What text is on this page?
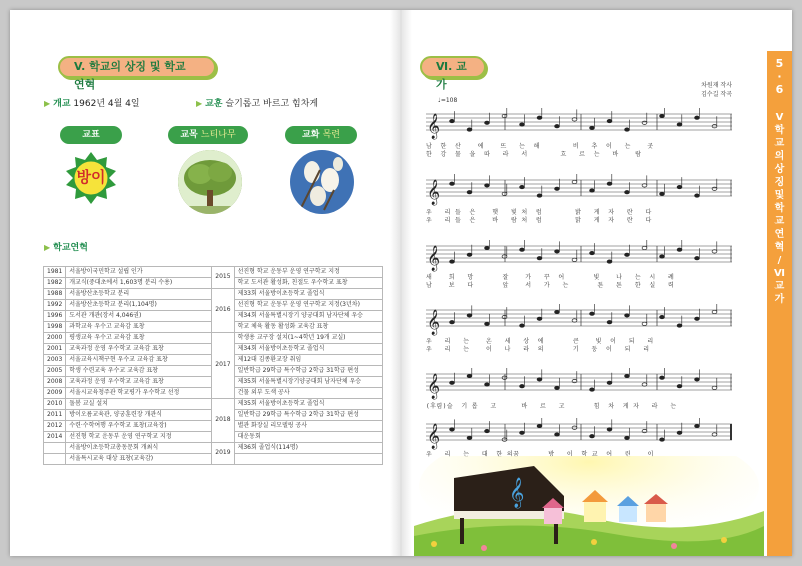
V. 학교의 상징 및 학교 연혁
▶ 개교 1962년 4월 4일	▶ 교훈 슬기롭고 바르고 힘차게
교표	교목 느티나무	교화 목련
방이
▶ 학교연혁
1981	서울방이국민학교 설립 인가	2015	선진형 학교 운동부 운영 연구학교 지정
1982	개교식(중대초에서 1,603명 분리 수용)		학교 도서관 활성화, 친절도 우수학교 표창
1988	서울방산초등학교 분리	2016	제33회 서울방이초등학교 졸업식
1992	서울방산초등학교 분리(1,104명)		선진형 학교 운동부 운영 연구학교 지정(3년차)
1996	도서관 개관(장서 4,046권)		제34회 서울특별시장기 양궁대회 남자단체 우승
1998	과학교육 우수고 교육감 표창		학교 체육 활동 활성화 교육감 표창
2000	평생교육 우수고 교육감 표창	2017	학생용 교구장 설치(1~4학년 19개 교실)
2001	교육과정 운영 우수학교 교육감 표창		제34회 서울방이초등학교 졸업식
2003	서울교육시책구현 우수교 교육감 표창		제12대 김종환교장 취임
2005	학생 수련교육 우수교 교육감 표창		일반학급 29학급 특수학급 2학급 31학급 편성
2008	교육과정 운영 우수학교 교육감 표창		제35회 서울특별시장기양궁대회 남자단체 우승
2009	서울시교육청주관 학교평가 우수학교 선정		건물 외부 도색 공사
2010	돌봄 교실 설치	2018	제35회 서울방이초등학교 졸업식
2011	방이오름교육관, 양궁훈련장 개관식		일반학급 29학급 특수학급 2학급 31학급 편성
2012	수련·수학여행 우수학교 표창(교육장)		별관 화장실 리모델링 공사
2014	선진형 학교 운동부 운영 연구학교 지정		대운동회
	서울방이초등학교총동문회 개최식	2019	제36회 졸업식(114명)
	서울특시교육 대상 표창(교육감)		
Ⅵ. 교가	차원재 작사
김수길 작곡
♩=108
𝄞
남  한  산    에    뜨   는  해        비   추  이   는    곳
한  강  물  을  따   라   서        흐   르  는   바    람
𝄞
우   리 들  은    햇   빛 처  럼        밝   게  자   란   다
우   리 들  은    바   람 처  럼        맑   게  자   란   다
𝄞
새    희   망       잘    가   꾸  어       빛    나   는  시   례
남    보   다       앞    서   가   는       튼   튼   한  실   력
𝄞
우   리   는    온   세   상  에       큰    빛  이   되   리
우   리   는    이   나   라  의       기   둥  이   되   리
𝄞
(후렴)슬  기 롭   고      바   르   고       힘  차  게 자   라   는
𝄞
우   리   는   대  한 의꿈       방   이  학 교  어   린    이
𝄞
5
·
6
Ⅴ
학
교
의
상
징
및
학
교
연
혁
/
Ⅵ
교
가
